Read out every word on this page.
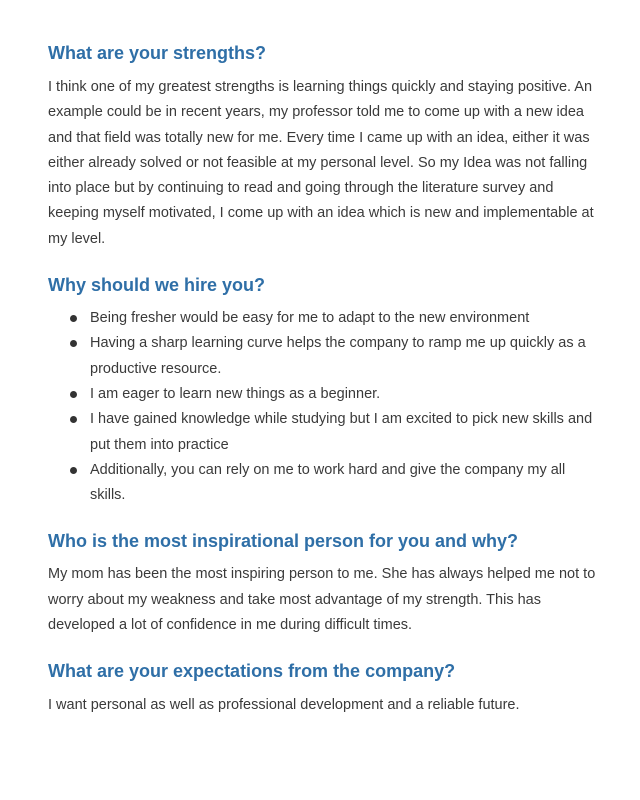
What are your strengths?

I think one of my greatest strengths is learning things quickly and staying positive. An example could be in recent years, my professor told me to come up with a new idea and that field was totally new for me. Every time I came up with an idea, either it was either already solved or not feasible at my personal level. So my Idea was not falling into place but by continuing to read and going through the literature survey and keeping myself motivated, I come up with an idea which is new and implementable at my level.

Why should we hire you?
Being fresher would be easy for me to adapt to the new environment
Having a sharp learning curve helps the company to ramp me up quickly as a productive resource.
I am eager to learn new things as a beginner.
I have gained knowledge while studying but I am excited to pick new skills and put them into practice
Additionally, you can rely on me to work hard and give the company my all skills.
Who is the most inspirational person for you and why?

My mom has been the most inspiring person to me. She has always helped me not to worry about my weakness and take most advantage of my strength. This has developed a lot of confidence in me during difficult times.

What are your expectations from the company?

I want personal as well as professional development and a reliable future.
